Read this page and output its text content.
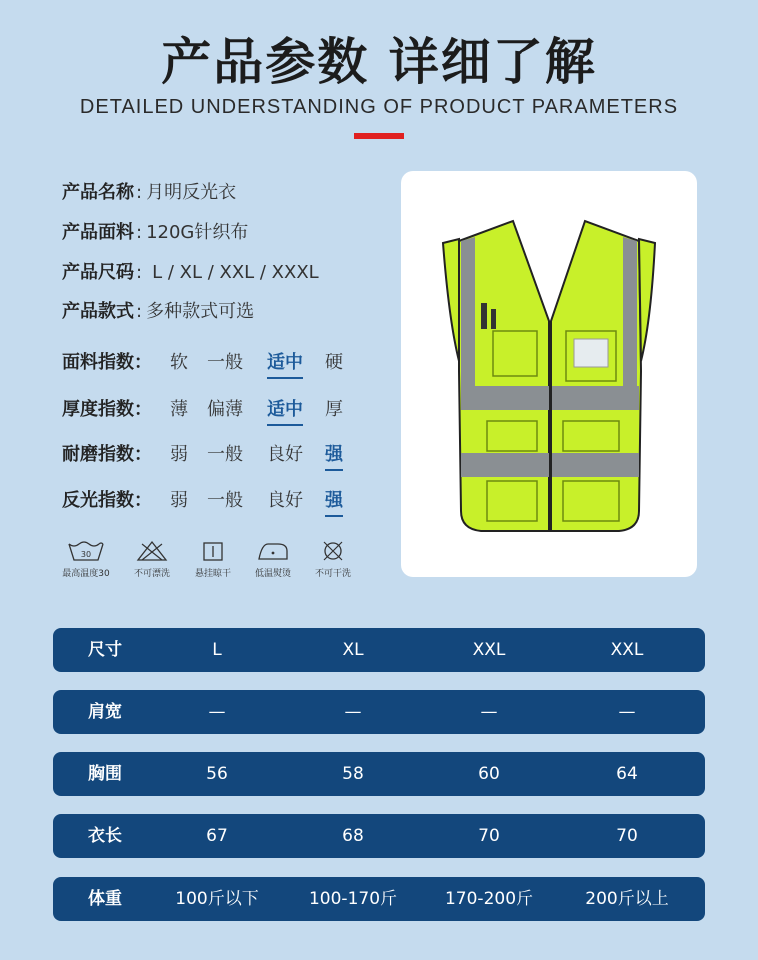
产品参数 详细了解
DETAILED UNDERSTANDING OF PRODUCT PARAMETERS
产品名称 : 月明反光衣
产品面料 : 120G针织布
产品尺码 : L / XL / XXL / XXXL
产品款式 : 多种款式可选
面料指数： 软 一般 适中 硬
厚度指数： 薄 偏薄 适中 厚
耐磨指数： 弱 一般 良好 强
反光指数： 弱 一般 良好 强
30
最高温度30	不可漂洗	悬挂晾干	低温熨烫	不可干洗
尺寸	L	XL	XXL	XXL
肩宽	—	—	—	—
胸围	56	58	60	64
衣长	67	68	70	70
体重	100斤以下	100-170斤	170-200斤	200斤以上
